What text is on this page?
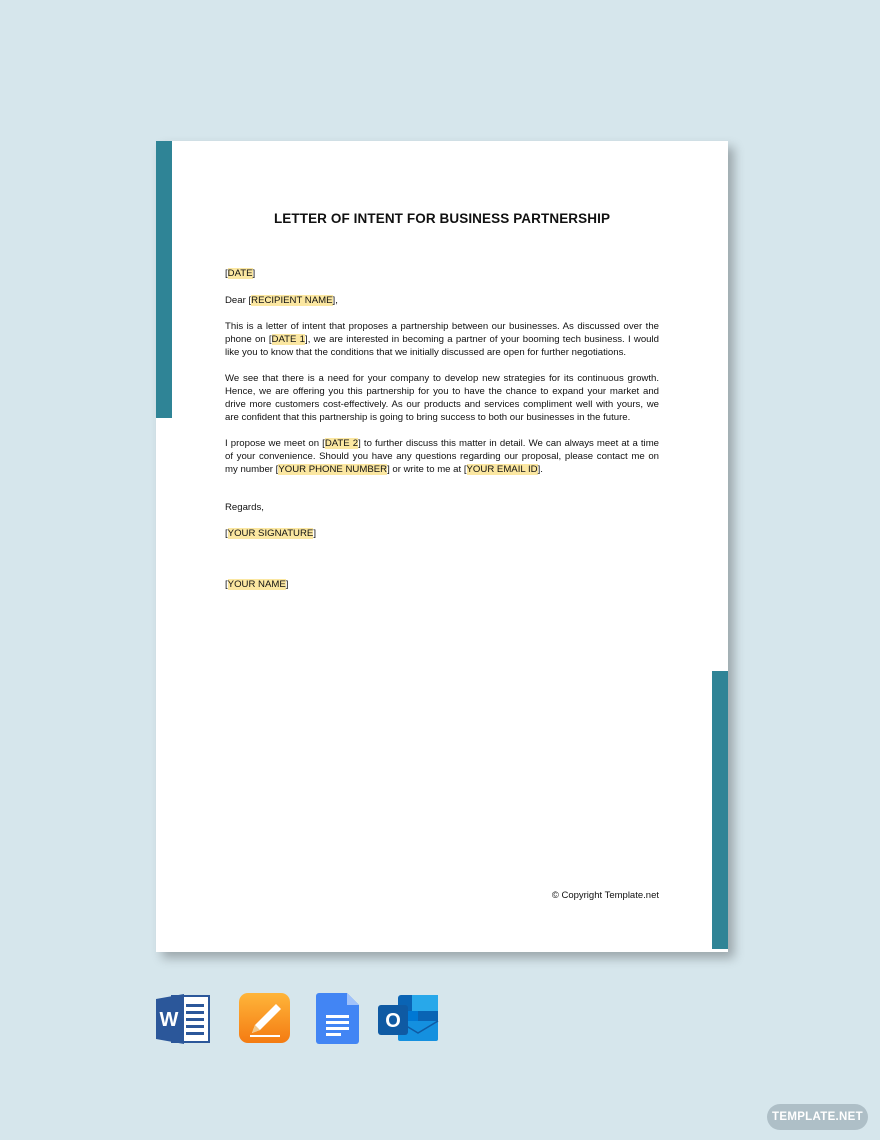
LETTER OF INTENT FOR BUSINESS PARTNERSHIP

[DATE]

Dear [RECIPIENT NAME],

This is a letter of intent that proposes a partnership between our businesses. As discussed over the phone on [DATE 1], we are interested in becoming a partner of your booming tech business. I would like you to know that the conditions that we initially discussed are open for further negotiations.

We see that there is a need for your company to develop new strategies for its continuous growth. Hence, we are offering you this partnership for you to have the chance to expand your market and drive more customers cost-effectively. As our products and services compliment well with yours, we are confident that this partnership is going to bring success to both our businesses in the future.

I propose we meet on [DATE 2] to further discuss this matter in detail. We can always meet at a time of your convenience. Should you have any questions regarding our proposal, please contact me on my number [YOUR PHONE NUMBER] or write to me at [YOUR EMAIL ID].

Regards,

[YOUR SIGNATURE]

[YOUR NAME]

© Copyright Template.net
W	O
TEMPLATE.NET
